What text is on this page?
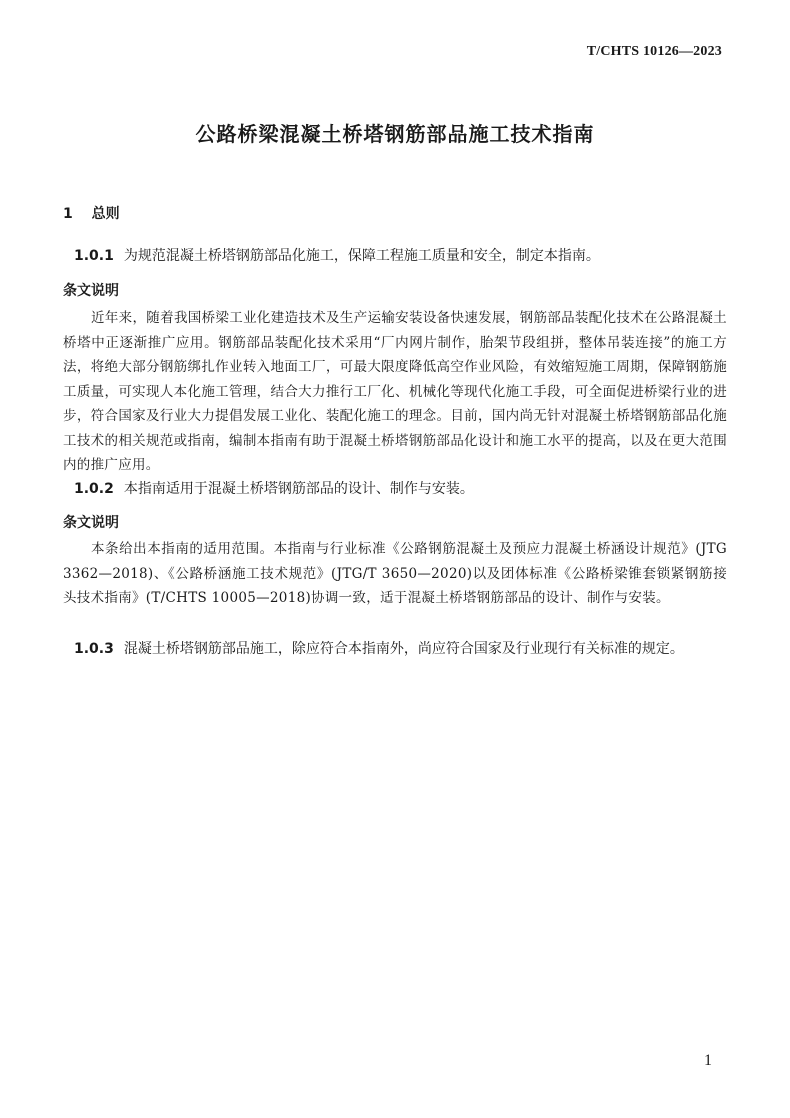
T/CHTS 10126—2023
公路桥梁混凝土桥塔钢筋部品施工技术指南
1 总则
1.0.1 为规范混凝土桥塔钢筋部品化施工，保障工程施工质量和安全，制定本指南。
条文说明
近年来，随着我国桥梁工业化建造技术及生产运输安装设备快速发展，钢筋部品装配化技术在公路混凝土桥塔中正逐渐推广应用。钢筋部品装配化技术采用“厂内网片制作，胎架节段组拼，整体吊装连接”的施工方法，将绝大部分钢筋绑扎作业转入地面工厂，可最大限度降低高空作业风险，有效缩短施工周期，保障钢筋施工质量，可实现人本化施工管理，结合大力推行工厂化、机械化等现代化施工手段，可全面促进桥梁行业的进步，符合国家及行业大力提倡发展工业化、装配化施工的理念。目前，国内尚无针对混凝土桥塔钢筋部品化施工技术的相关规范或指南，编制本指南有助于混凝土桥塔钢筋部品化设计和施工水平的提高，以及在更大范围内的推广应用。
1.0.2 本指南适用于混凝土桥塔钢筋部品的设计、制作与安装。
条文说明
本条给出本指南的适用范围。本指南与行业标准《公路钢筋混凝土及预应力混凝土桥涵设计规范》(JTG 3362—2018)、《公路桥涵施工技术规范》(JTG/T 3650—2020)以及团体标准《公路桥梁锥套锁紧钢筋接头技术指南》(T/CHTS 10005—2018)协调一致，适于混凝土桥塔钢筋部品的设计、制作与安装。
1.0.3 混凝土桥塔钢筋部品施工，除应符合本指南外，尚应符合国家及行业现行有关标准的规定。
1
